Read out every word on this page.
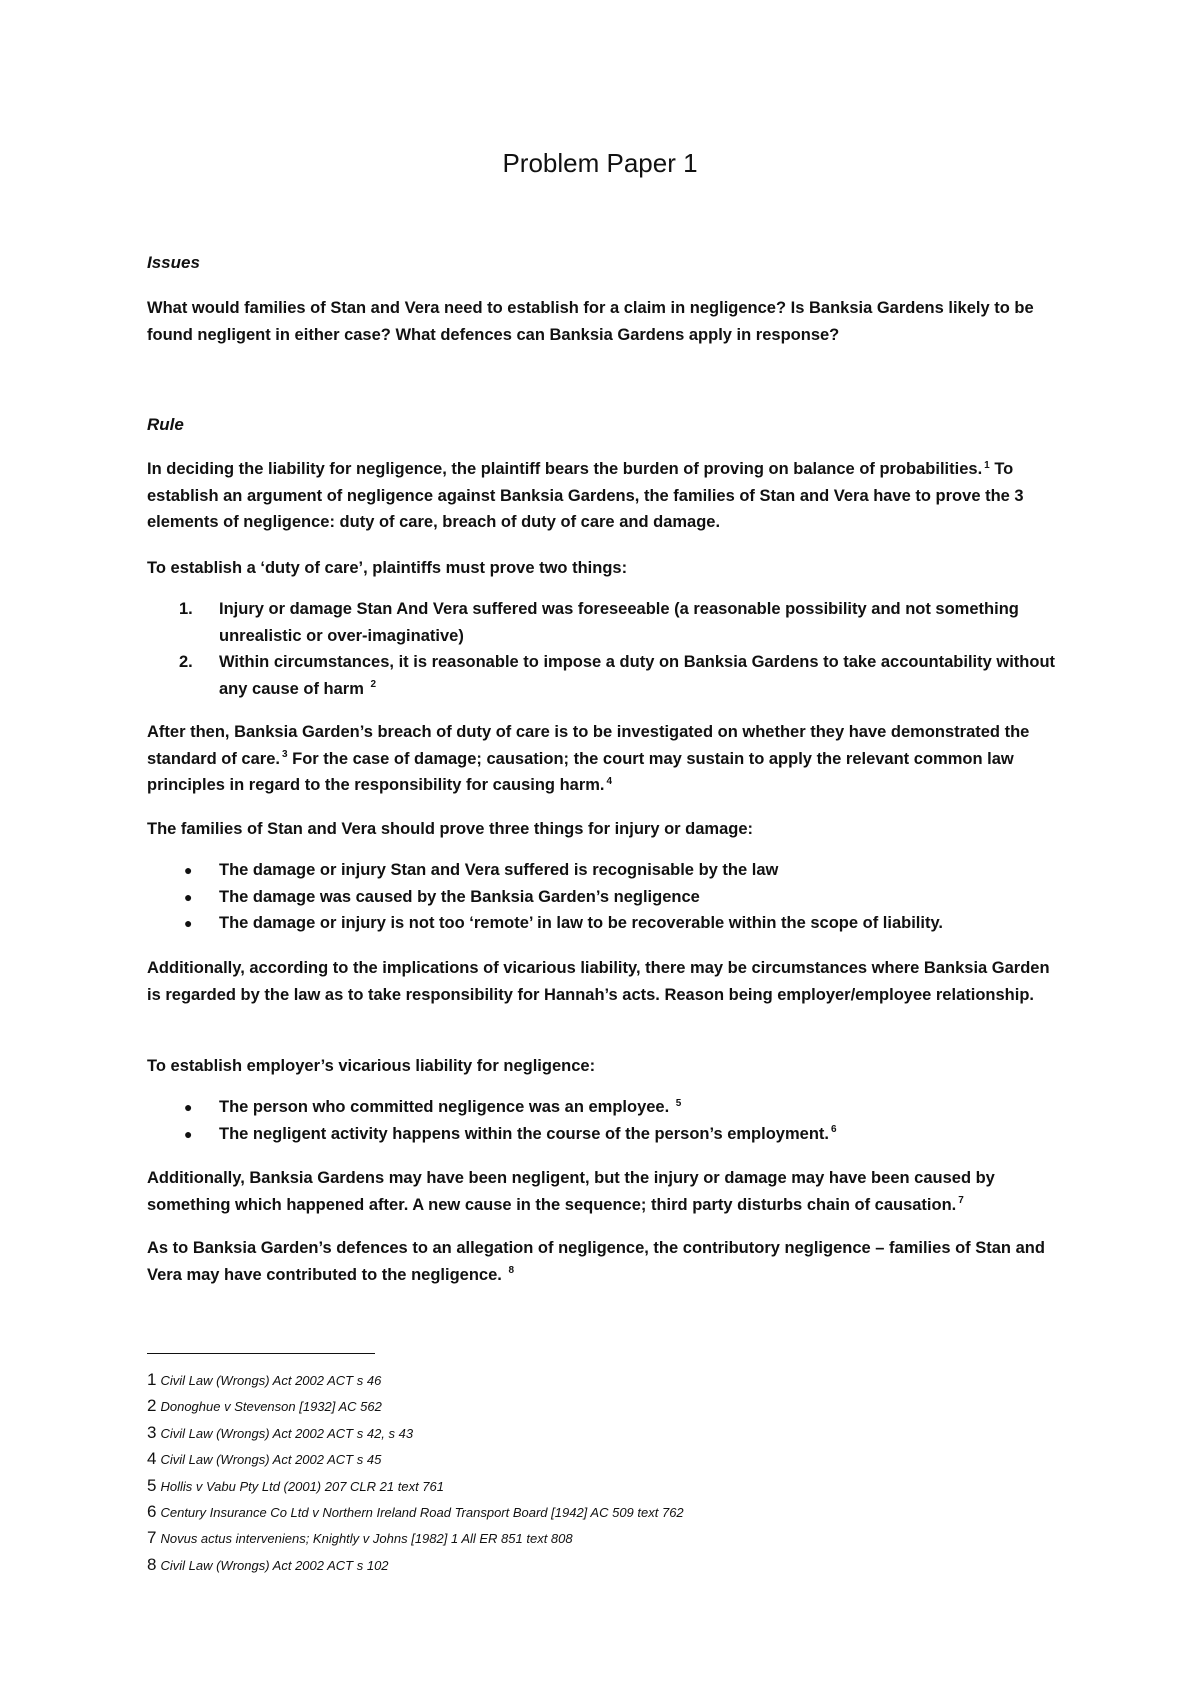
Problem Paper 1
Issues

What would families of Stan and Vera need to establish for a claim in negligence? Is Banksia Gardens likely to be found negligent in either case? What defences can Banksia Gardens apply in response?

Rule

In deciding the liability for negligence, the plaintiff bears the burden of proving on balance of probabilities. $^1$ To establish an argument of negligence against Banksia Gardens, the families of Stan and Vera have to prove the 3 elements of negligence: duty of care, breach of duty of care and damage.

To establish a ‘duty of care’, plaintiffs must prove two things:

1. Injury or damage Stan And Vera suffered was foreseeable (a reasonable possibility and not something unrealistic or over-imaginative)
2. Within circumstances, it is reasonable to impose a duty on Banksia Gardens to take accountability without any cause of harm $^2$

After then, Banksia Garden’s breach of duty of care is to be investigated on whether they have demonstrated the standard of care. $^3$ For the case of damage; causation; the court may sustain to apply the relevant common law principles in regard to the responsibility for causing harm. $^4$

The families of Stan and Vera should prove three things for injury or damage:

● The damage or injury Stan and Vera suffered is recognisable by the law
● The damage was caused by the Banksia Garden’s negligence
● The damage or injury is not too ‘remote’ in law to be recoverable within the scope of liability.

Additionally, according to the implications of vicarious liability, there may be circumstances where Banksia Garden is regarded by the law as to take responsibility for Hannah’s acts. Reason being employer/employee relationship.

To establish employer’s vicarious liability for negligence:

● The person who committed negligence was an employee. $^5$
● The negligent activity happens within the course of the person’s employment. $^6$

Additionally, Banksia Gardens may have been negligent, but the injury or damage may have been caused by something which happened after. A new cause in the sequence; third party disturbs chain of causation. $^7$

As to Banksia Garden’s defences to an allegation of negligence, the contributory negligence – families of Stan and Vera may have contributed to the negligence. $^8$

1 Civil Law (Wrongs) Act 2002 ACT s 46
2 Donoghue v Stevenson [1932] AC 562
3 Civil Law (Wrongs) Act 2002 ACT s 42, s 43
4 Civil Law (Wrongs) Act 2002 ACT s 45
5 Hollis v Vabu Pty Ltd (2001) 207 CLR 21 text 761
6 Century Insurance Co Ltd v Northern Ireland Road Transport Board [1942] AC 509 text 762
7 Novus actus interveniens; Knightly v Johns [1982] 1 All ER 851 text 808
8 Civil Law (Wrongs) Act 2002 ACT s 102
